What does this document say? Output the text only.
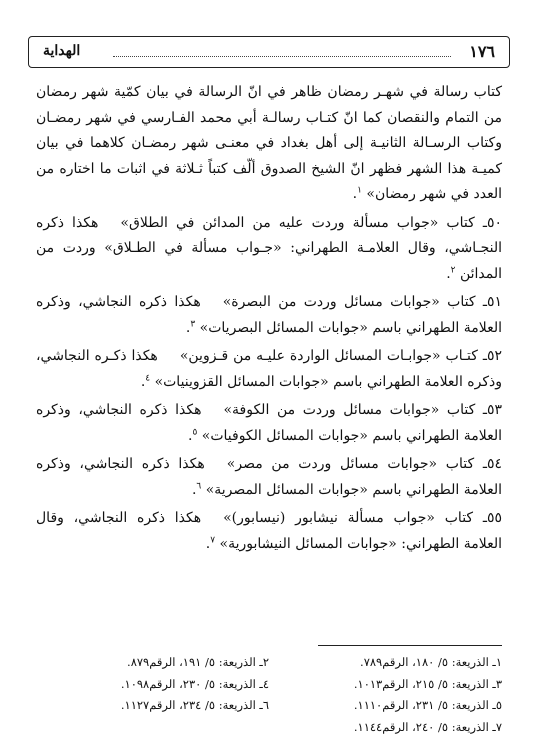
١٧٦
الهداية

كتاب رسالة في شهـر رمضان ظاهر في انّ الرسالة في بيان كمّية شهر رمضان من التمام والنقصان كما انّ كتـاب رسالـة أبي محمد الفـارسي في شهر رمضـان وكتاب الرسـالة الثانيـة إلى أهل بغداد في معنـى شهر رمضـان كلاهما في بيان كميـة هذا الشهر فظهر انّ الشيخ الصدوق ألّف كتباً ثـلاثة في اثبات ما اختاره من العدد في شهر رمضان» $^١$.

٥٠ـ كتاب «جواب مسألة وردت عليه من المدائن في الطلاق»هكذا ذكره النجـاشي، وقال العلامـة الطهراني: «جـواب مسألة في الطـلاق» وردت من المدائن $^٢$.

٥١ـ كتاب «جوابات مسائل وردت من البصرة»هكذا ذكره النجاشي، وذكره العلامة الطهراني باسم «جوابات المسائل البصريات» $^٣$.

٥٢ـ كتـاب «جوابـات المسائل الواردة عليـه من قـزوين»هكذا ذكـره النجاشي، وذكره العلامة الطهراني باسم «جوابات المسائل القزوينيات» $^٤$.

٥٣ـ كتاب «جوابات مسائل وردت من الكوفة»هكذا ذكره النجاشي، وذكره العلامة الطهراني باسم «جوابات المسائل الكوفيات» $^٥$.

٥٤ـ كتاب «جوابات مسائل وردت من مصر»هكذا ذكره النجاشي، وذكره العلامة الطهراني باسم «جوابات المسائل المصرية» $^٦$.

٥٥ـ كتاب «جواب مسألة نيشابور (نيسابور)»هكذا ذكره النجاشي، وقال العلامة الطهراني: «جوابات المسائل النيشابورية» $^٧$.

١ـ الذريعة: ٥/ ١٨٠، الرقم٧٨٩.
٢ـ الذريعة: ٥/ ١٩١، الرقم٨٧٩.
٣ـ الذريعة: ٥/ ٢١٥، الرقم١٠١٣.
٤ـ الذريعة: ٥/ ٢٣٠، الرقم١٠٩٨.
٥ـ الذريعة: ٥/ ٢٣١، الرقم١١١٠.
٦ـ الذريعة: ٥/ ٢٣٤، الرقم١١٢٧.
٧ـ الذريعة: ٥/ ٢٤٠، الرقم١١٤٤.
